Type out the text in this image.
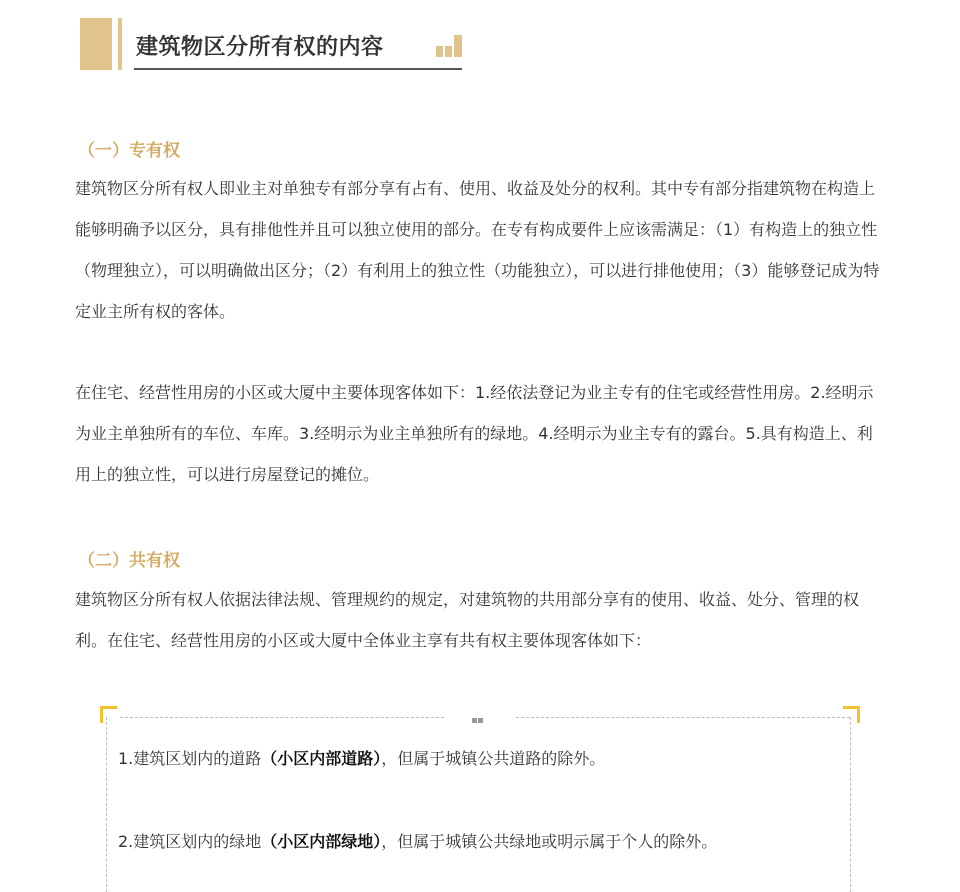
建筑物区分所有权的内容
（一）专有权

建筑物区分所有权人即业主对单独专有部分享有占有、使用、收益及处分的权利。其中专有部分指建筑物在构造上能够明确予以区分，具有排他性并且可以独立使用的部分。在专有构成要件上应该需满足：（1）有构造上的独立性（物理独立），可以明确做出区分；（2）有利用上的独立性（功能独立），可以进行排他使用；（3）能够登记成为特定业主所有权的客体。

在住宅、经营性用房的小区或大厦中主要体现客体如下：1.经依法登记为业主专有的住宅或经营性用房。2.经明示为业主单独所有的车位、车库。3.经明示为业主单独所有的绿地。4.经明示为业主专有的露台。5.具有构造上、利用上的独立性，可以进行房屋登记的摊位。

（二）共有权

建筑物区分所有权人依据法律法规、管理规约的规定，对建筑物的共用部分享有的使用、收益、处分、管理的权利。在住宅、经营性用房的小区或大厦中全体业主享有共有权主要体现客体如下：

1.建筑区划内的道路（小区内部道路），但属于城镇公共道路的除外。
2.建筑区划内的绿地（小区内部绿地），但属于城镇公共绿地或明示属于个人的除外。
